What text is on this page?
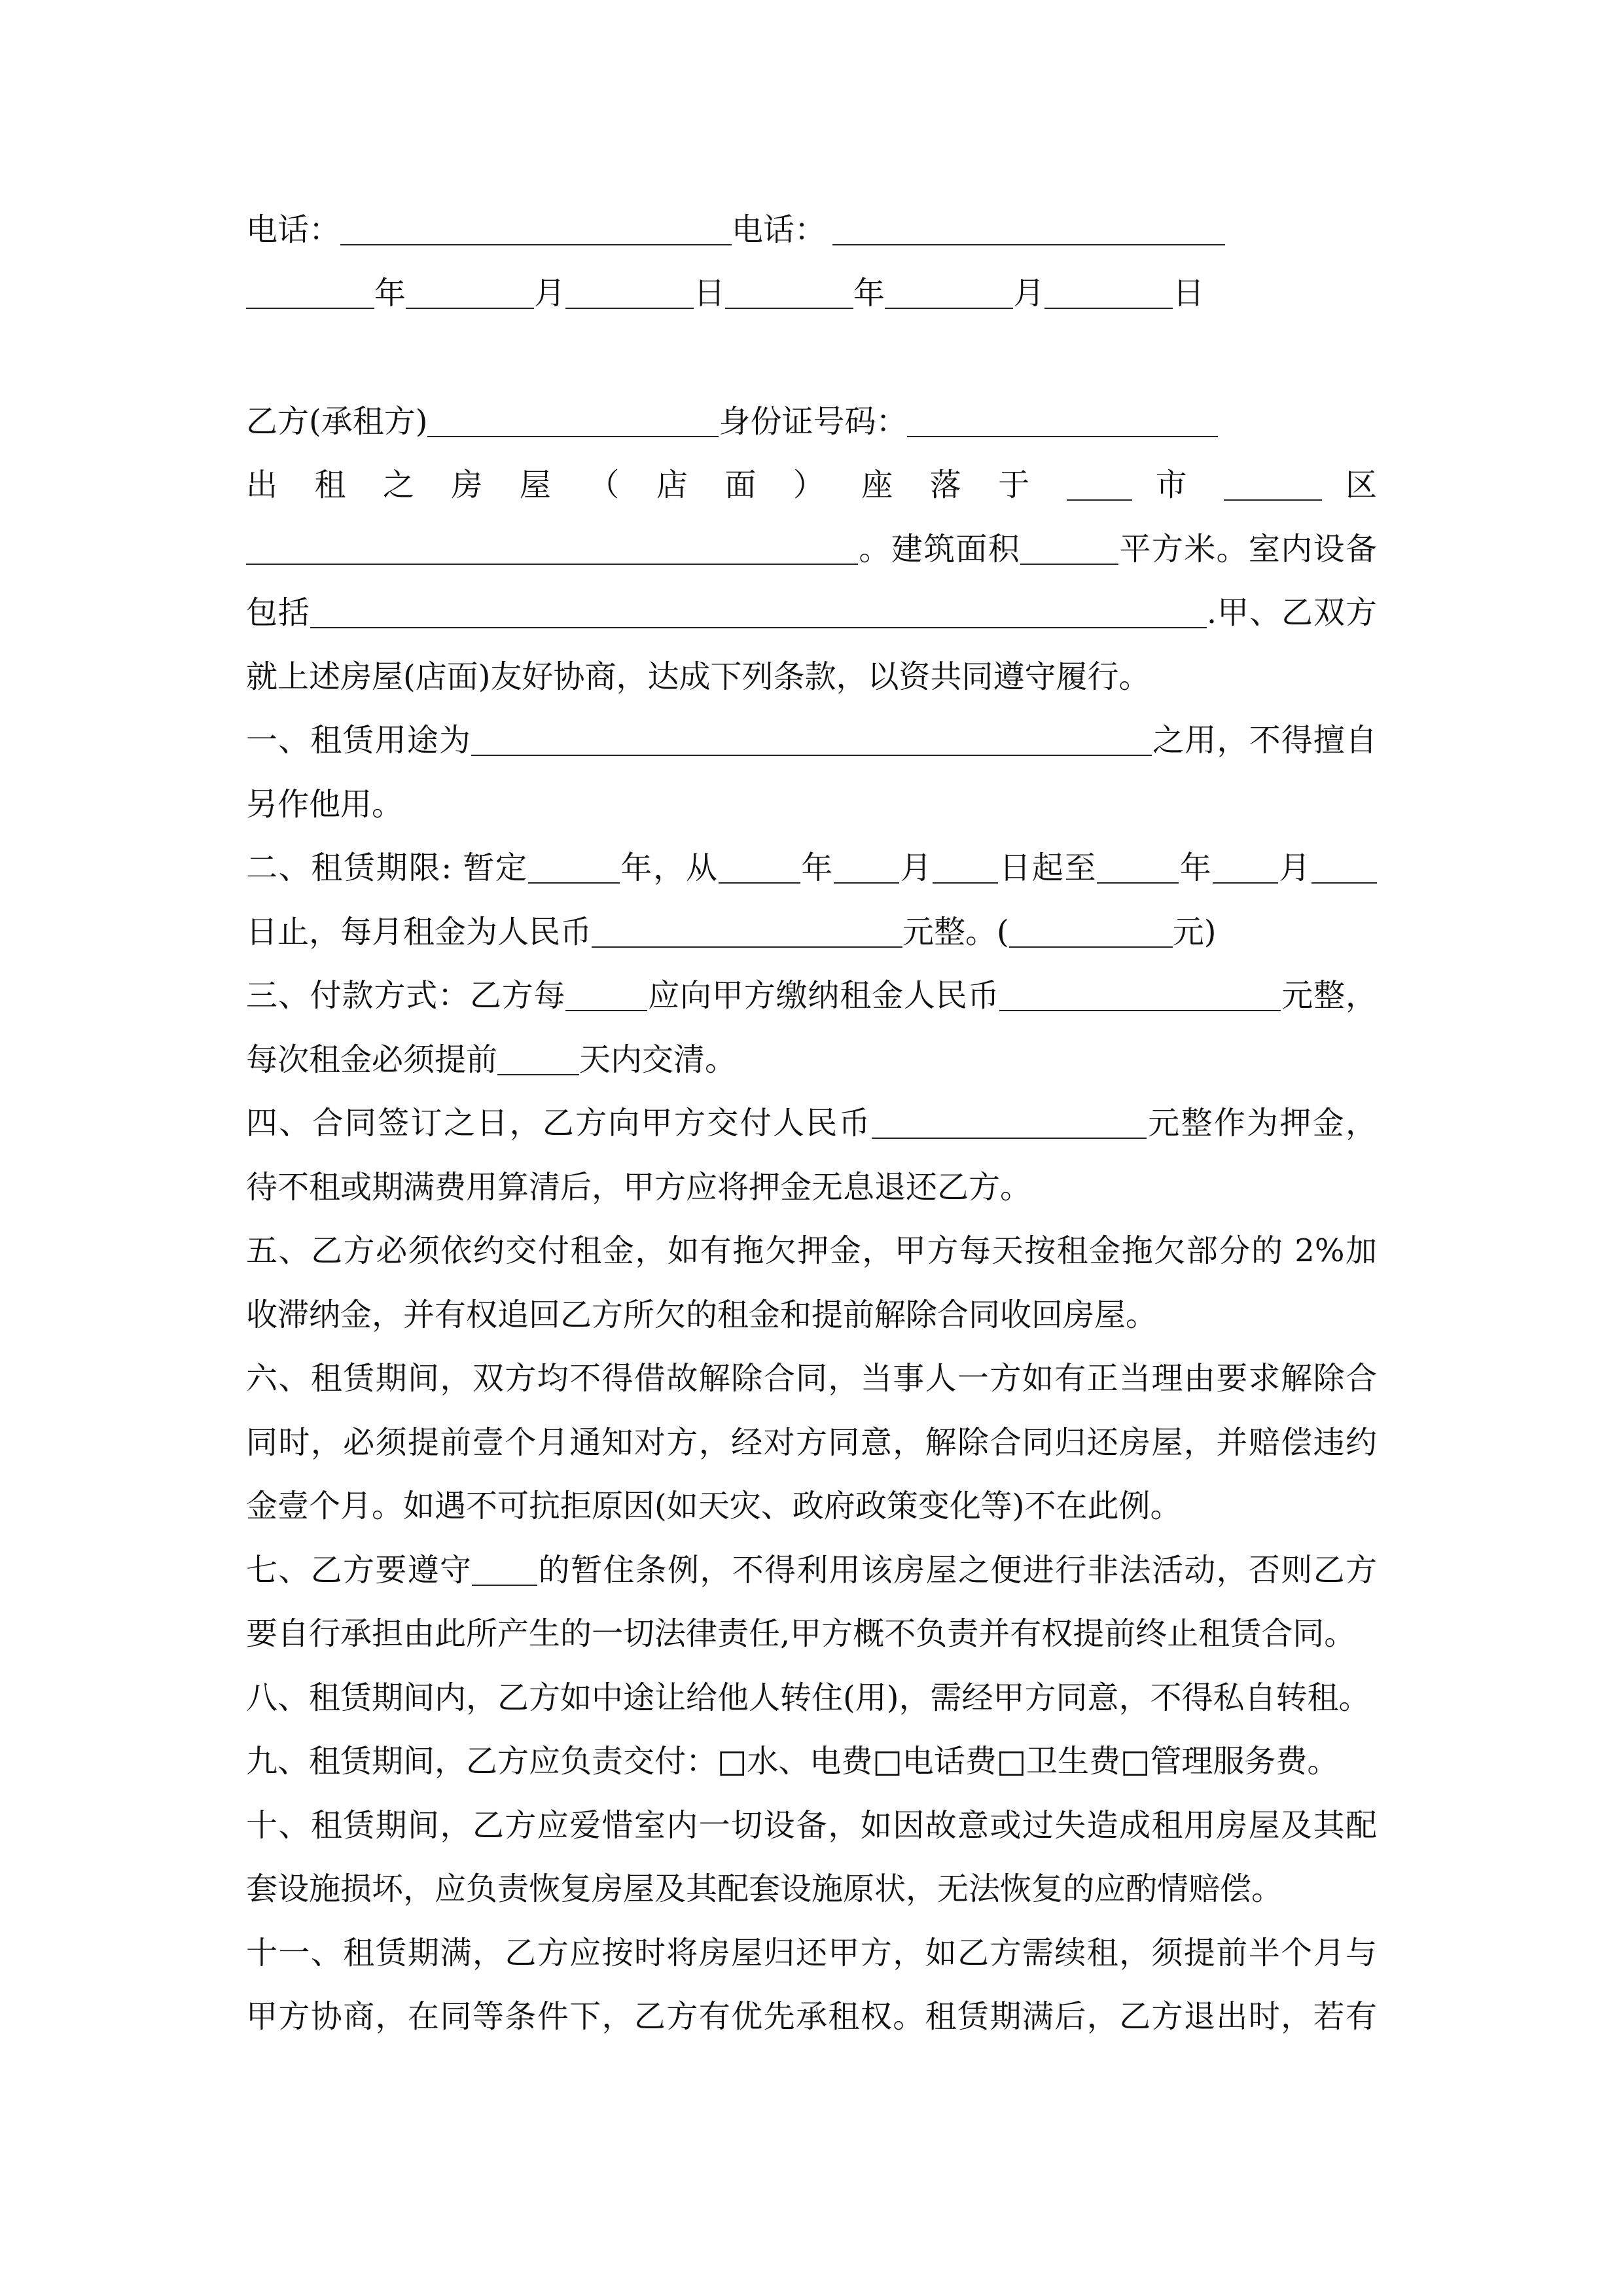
电话：	电话：
年	月	日	年	月	日
乙方(承租方)	身份证号码：
出 租 之 房 屋 （ 店 面 ） 座 落 于	市	区
。建筑面积	平方米。室内设备
包括	.甲、乙双方
就上述房屋(店面)友好协商，达成下列条款，以资共同遵守履行。
一、租赁用途为	之用，不得擅自
另作他用。
二、租赁期限: 暂定	年，从	年 月 日起至	年 月
日止，每月租金为人民币	元整。(	元)
三、付款方式：乙方每	应向甲方缴纳租金人民币	元整，
每次租金必须提前	天内交清。
四、合同签订之日，乙方向甲方交付人民币	元整作为押金，
待不租或期满费用算清后，甲方应将押金无息退还乙方。
五、乙方必须依约交付租金，如有拖欠押金，甲方每天按租金拖欠部分的 2%加
收滞纳金，并有权追回乙方所欠的租金和提前解除合同收回房屋。
六、租赁期间，双方均不得借故解除合同，当事人一方如有正当理由要求解除合
同时，必须提前壹个月通知对方，经对方同意，解除合同归还房屋，并赔偿违约
金壹个月。如遇不可抗拒原因(如天灾、政府政策变化等)不在此例。
七、乙方要遵守 的暂住条例，不得利用该房屋之便进行非法活动，否则乙方
要自行承担由此所产生的一切法律责任,甲方概不负责并有权提前终止租赁合同。
八、租赁期间内，乙方如中途让给他人转住(用)，需经甲方同意，不得私自转租。
九、租赁期间，乙方应负责交付：□水、电费□电话费□卫生费□管理服务费。
十、租赁期间，乙方应爱惜室内一切设备，如因故意或过失造成租用房屋及其配
套设施损坏，应负责恢复房屋及其配套设施原状，无法恢复的应酌情赔偿。
十一、租赁期满，乙方应按时将房屋归还甲方，如乙方需续租，须提前半个月与
甲方协商，在同等条件下，乙方有优先承租权。租赁期满后，乙方退出时，若有
